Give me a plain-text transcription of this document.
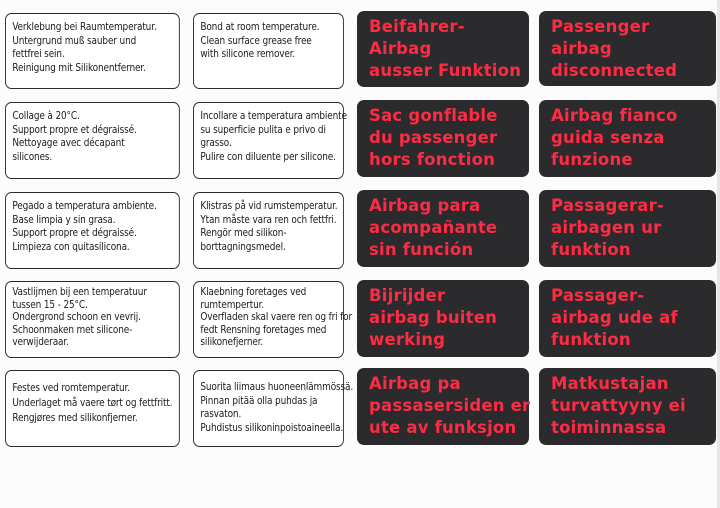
Verklebung bei Raumtemperatur.
Untergrund muß sauber und
fettfrei sein.
Reinigung mit Silikonentferner.
Bond at room temperature.
Clean surface grease free
with silicone remover.
Beifahrer-
Airbag
ausser Funktion
Passenger
airbag
disconnected
Collage à 20°C.
Support propre et dégraissé.
Nettoyage avec décapant
silicones.
Incollare a temperatura ambiente
su superficie pulita e privo di
grasso.
Pulire con diluente per silicone.
Sac gonflable
du passenger
hors fonction
Airbag fianco
guida senza
funzione
Pegado a temperatura ambiente.
Base limpia y sin grasa.
Support propre et dégraissé.
Limpieza con quitasilicona.
Klistras på vid rumstemperatur.
Ytan måste vara ren och fettfri.
Rengör med silikon-
borttagningsmedel.
Airbag para
acompañante
sin función
Passagerar-
airbagen ur
funktion
Vastlijmen bij een temperatuur
tussen 15 - 25°C.
Ondergrond schoon en vevrij.
Schoonmaken met silicone-
verwijderaar.
Klaebning foretages ved
rumtempertur.
Overfladen skal vaere ren og fri for
fedt Rensning foretages med
silikonefjerner.
Bijrijder
airbag buiten
werking
Passager-
airbag ude af
funktion
Festes ved romtemperatur.
Underlaget må vaere tørt og fettfritt.
Rengjøres med silikonfjerner.
Suorita liimaus huoneenlämmössä.
Pinnan pitää olla puhdas ja
rasvaton.
Puhdistus silikoninpoistoaineella.
Airbag pa
passasersiden er
ute av funksjon
Matkustajan
turvattyyny ei
toiminnassa
